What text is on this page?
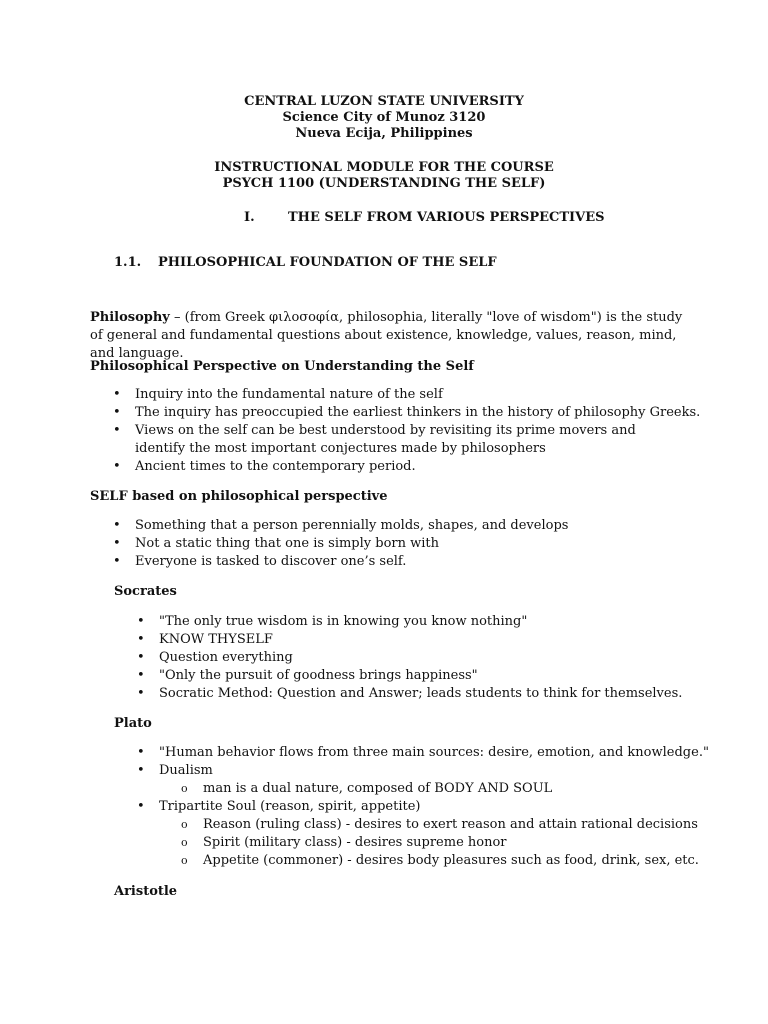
CENTRAL LUZON STATE UNIVERSITY
Science City of Munoz 3120
Nueva Ecija, Philippines
INSTRUCTIONAL MODULE FOR THE COURSE
PSYCH 1100 (UNDERSTANDING THE SELF)
I.	THE SELF FROM VARIOUS PERSPECTIVES
1.1. PHILOSOPHICAL FOUNDATION OF THE SELF
Philosophy – (from Greek φιλοσοφία, philosophia, literally "love of wisdom") is the study of general and fundamental questions about existence, knowledge, values, reason, mind, and language.
Philosophical Perspective on Understanding the Self
• Inquiry into the fundamental nature of the self
• The inquiry has preoccupied the earliest thinkers in the history of philosophy Greeks.
• Views on the self can be best understood by revisiting its prime movers and identify the most important conjectures made by philosophers
• Ancient times to the contemporary period.
SELF based on philosophical perspective
• Something that a person perennially molds, shapes, and develops
• Not a static thing that one is simply born with
• Everyone is tasked to discover one’s self.
Socrates
• "The only true wisdom is in knowing you know nothing"
• KNOW THYSELF
• Question everything
• "Only the pursuit of goodness brings happiness"
• Socratic Method: Question and Answer; leads students to think for themselves.
Plato
• "Human behavior flows from three main sources: desire, emotion, and knowledge."
• Dualism
o man is a dual nature, composed of BODY AND SOUL
• Tripartite Soul (reason, spirit, appetite)
o Reason (ruling class) - desires to exert reason and attain rational decisions
o Spirit (military class) - desires supreme honor
o Appetite (commoner) - desires body pleasures such as food, drink, sex, etc.
Aristotle
